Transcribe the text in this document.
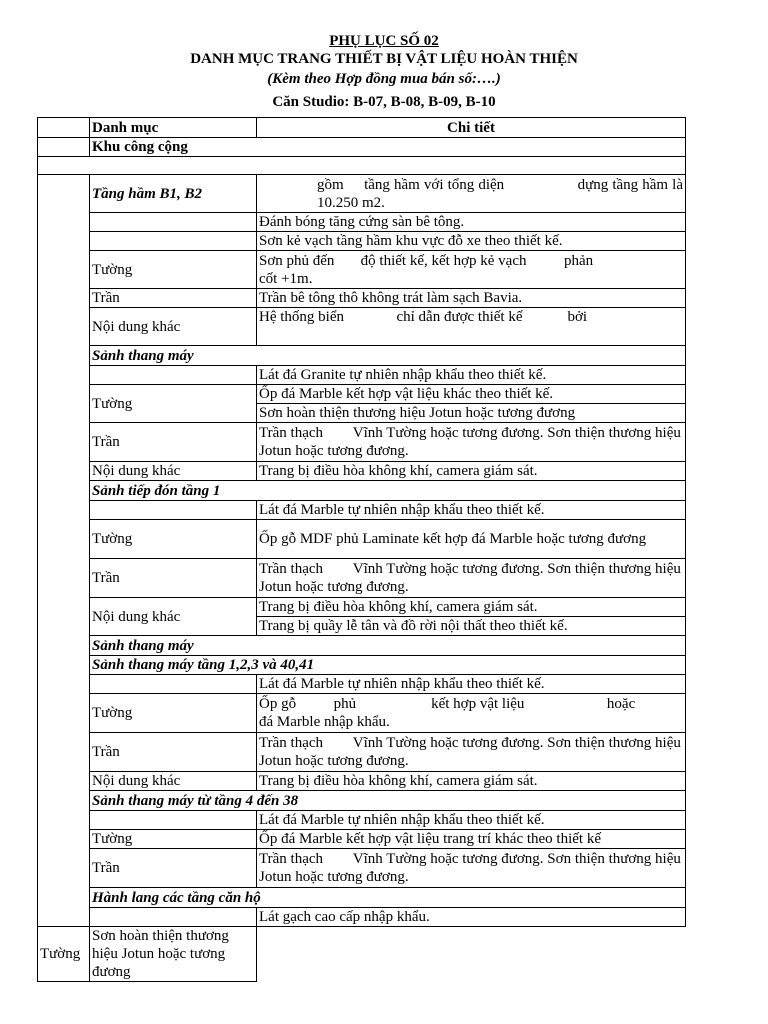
PHỤ LỤC SỐ 02
DANH MỤC TRANG THIẾT BỊ VẬT LIỆU HOÀN THIỆN
(Kèm theo Hợp đồng mua bán số:….)
Căn Studio: B-07, B-08, B-09, B-10
	Danh mục	Chi tiết
	Khu công cộng	

	Tầng hầm B1, B2	gồm     tầng hầm với tổng diện                  dựng tầng hầm là 10.250 m2.
		Đánh bóng tăng cứng sàn bê tông.
		Sơn kẻ vạch tầng hầm khu vực đỗ xe theo thiết kế.
	Tường	Sơn phủ đến       độ thiết kế, kết hợp kẻ vạch          phản
cốt +1m.
	Trần	Trần bê tông thô không trát làm sạch Bavia.
	Nội dung khác	Hệ thống biển              chỉ dẫn được thiết kế            bởi
	Sảnh thang máy	
		Lát đá Granite tự nhiên nhập khẩu theo thiết kế.
	Tường	Ốp đá Marble kết hợp vật liệu khác theo thiết kế.
		Sơn hoàn thiện thương hiệu Jotun hoặc tương đương
	Trần	Trần thạch        Vĩnh Tường hoặc tương đương. Sơn thiện thương hiệu Jotun hoặc tương đương.
	Nội dung khác	Trang bị điều hòa không khí, camera giám sát.
	Sảnh tiếp đón tầng 1	
		Lát đá Marble tự nhiên nhập khẩu theo thiết kế.
	Tường	Ốp gỗ MDF phủ Laminate kết hợp đá Marble hoặc tương đương
	Trần	Trần thạch        Vĩnh Tường hoặc tương đương. Sơn thiện thương hiệu Jotun hoặc tương đương.
	Nội dung khác	Trang bị điều hòa không khí, camera giám sát.
		Trang bị quầy lễ tân và đồ rời nội thất theo thiết kế.
	Sảnh thang máy	
	Sảnh thang máy tầng 1,2,3 và 40,41	
		Lát đá Marble tự nhiên nhập khẩu theo thiết kế.
	Tường	Ốp gỗ          phủ                    kết hợp vật liệu                      hoặc
đá Marble nhập khẩu.
	Trần	Trần thạch        Vĩnh Tường hoặc tương đương. Sơn thiện thương hiệu Jotun hoặc tương đương.
	Nội dung khác	Trang bị điều hòa không khí, camera giám sát.
	Sảnh thang máy từ tầng 4 đến 38	
		Lát đá Marble tự nhiên nhập khẩu theo thiết kế.
	Tường	Ốp đá Marble kết hợp vật liệu trang trí khác theo thiết kế
	Trần	Trần thạch        Vĩnh Tường hoặc tương đương. Sơn thiện thương hiệu Jotun hoặc tương đương.
	Hành lang các tầng căn hộ	
		Lát gạch cao cấp nhập khẩu.
Tường	Sơn hoàn thiện thương hiệu Jotun hoặc tương đương	
